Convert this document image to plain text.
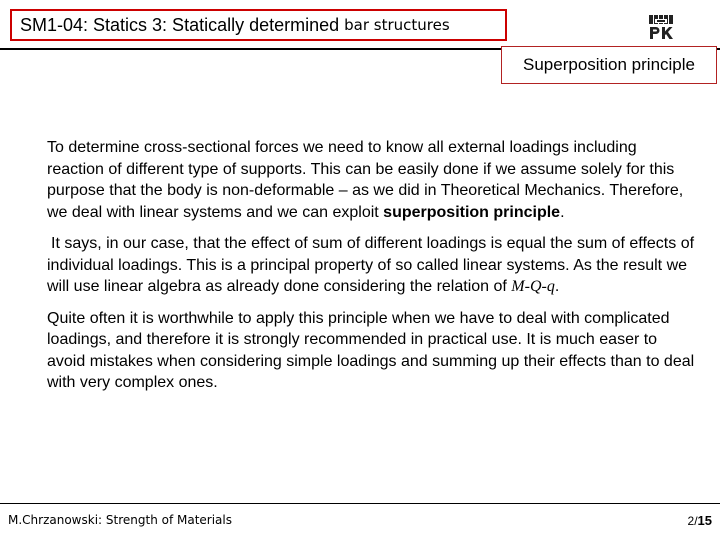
SM1-04: Statics 3: Statically determined
bar structures
Superposition principle

To determine cross-sectional forces we need to know all external loadings including reaction of different type of supports. This can be easily done if we assume solely for this purpose that the body is non-deformable – as we did in Theoretical Mechanics. Therefore, we deal with linear systems and we can exploit superposition principle.

It says, in our case, that the effect of sum of different loadings is equal the sum of effects of individual loadings. This is a principal property of so called linear systems. As the result we will use linear algebra as already done considering the relation of M-Q-q.

Quite often it is worthwhile to apply this principle when we have to deal with complicated loadings, and therefore it is strongly recommended in practical use. It is much easer to avoid mistakes when considering simple loadings and summing up their effects than to deal with very complex ones.

M.Chrzanowski: Strength of Materials	2/15
